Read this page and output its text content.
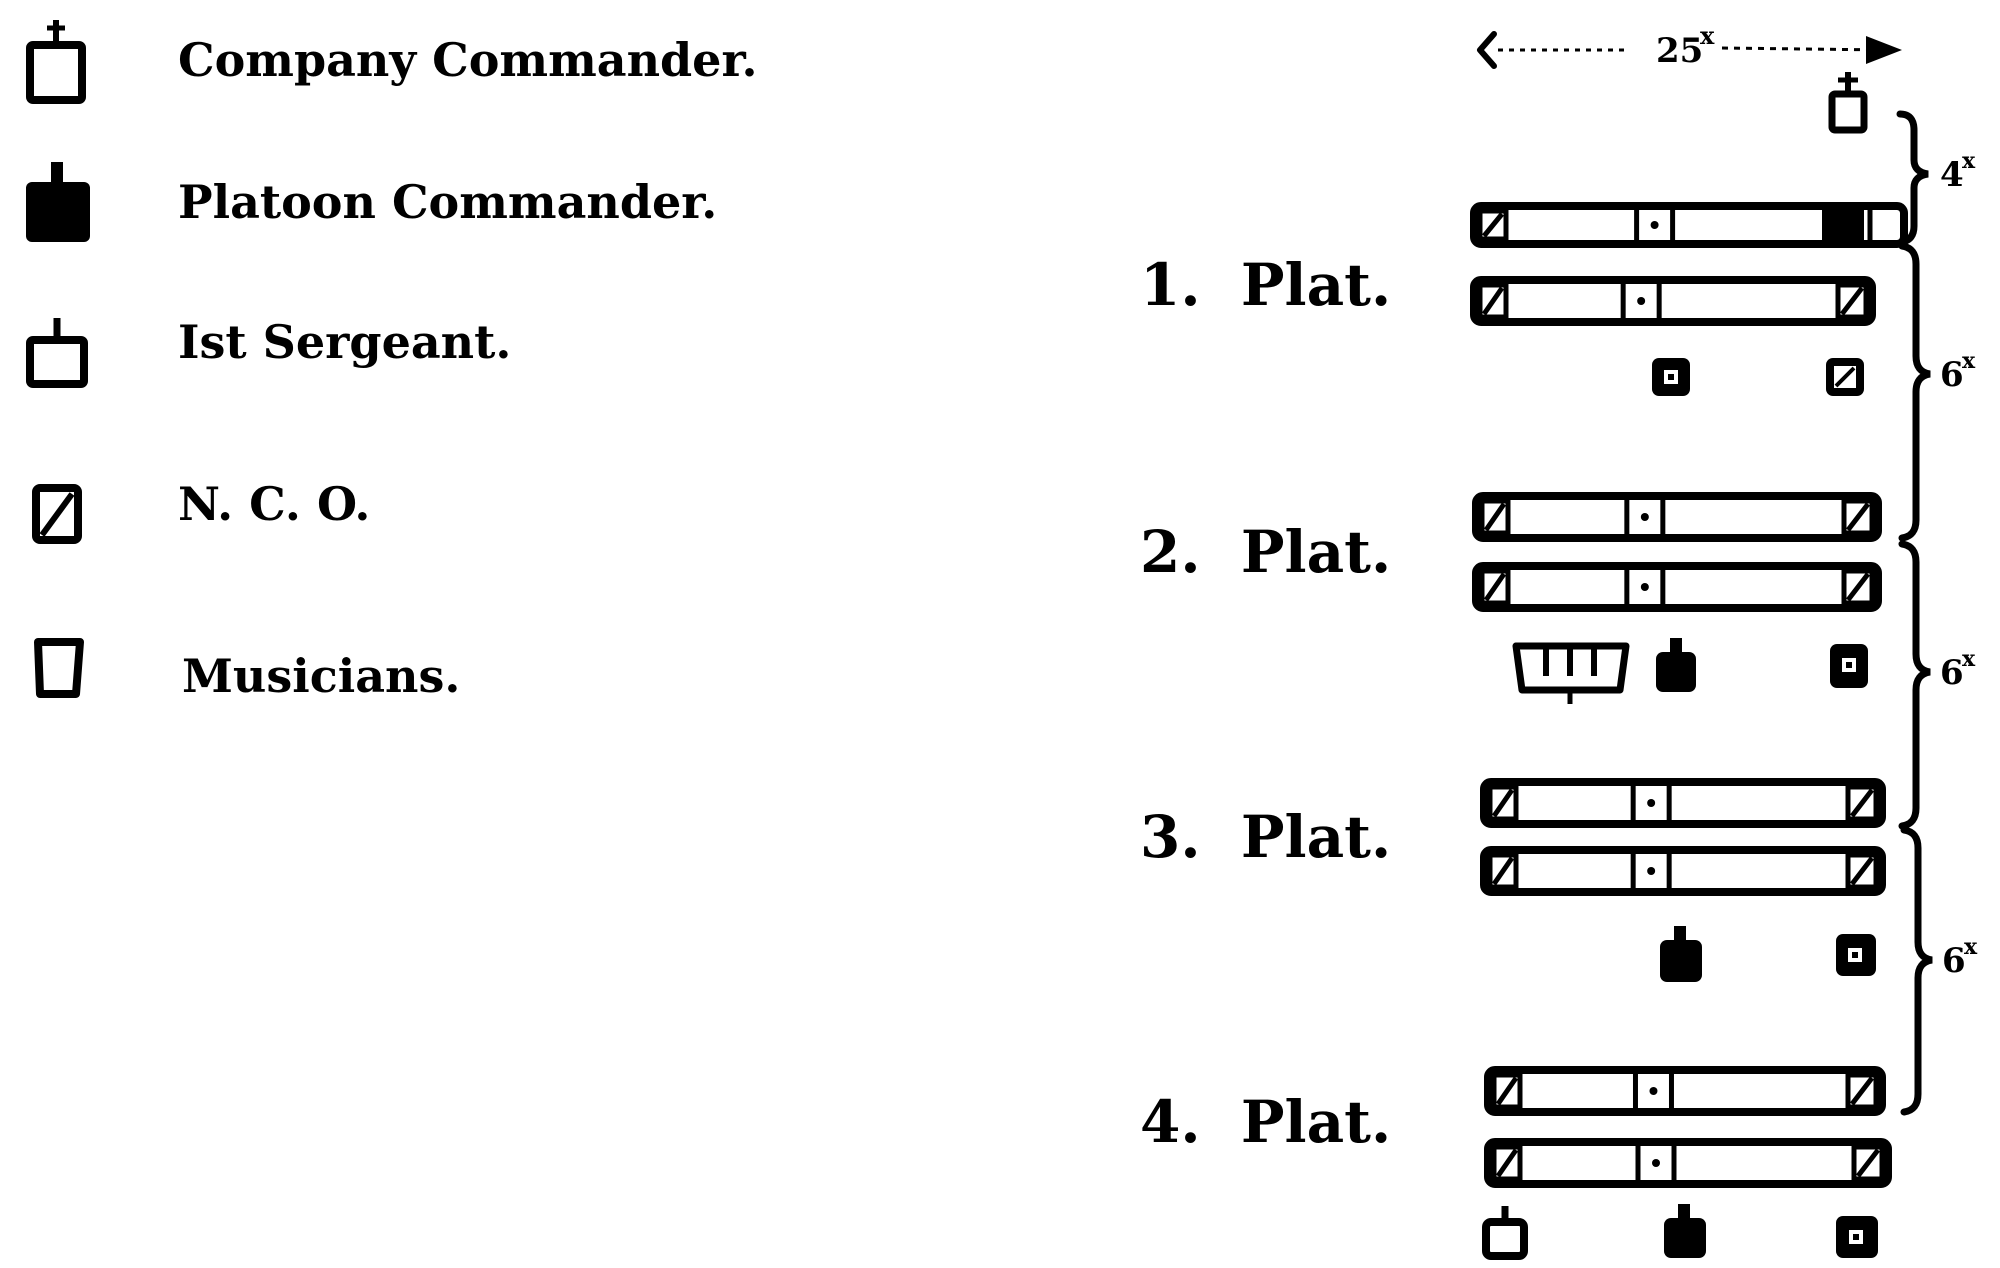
Company Commander.
Platoon Commander.
Ist Sergeant.
N. C. O.
Musicians.
25
x
1.  Plat.
2.  Plat.
3.  Plat.
4.  Plat.
4
x
6
x
6
x
6
x
